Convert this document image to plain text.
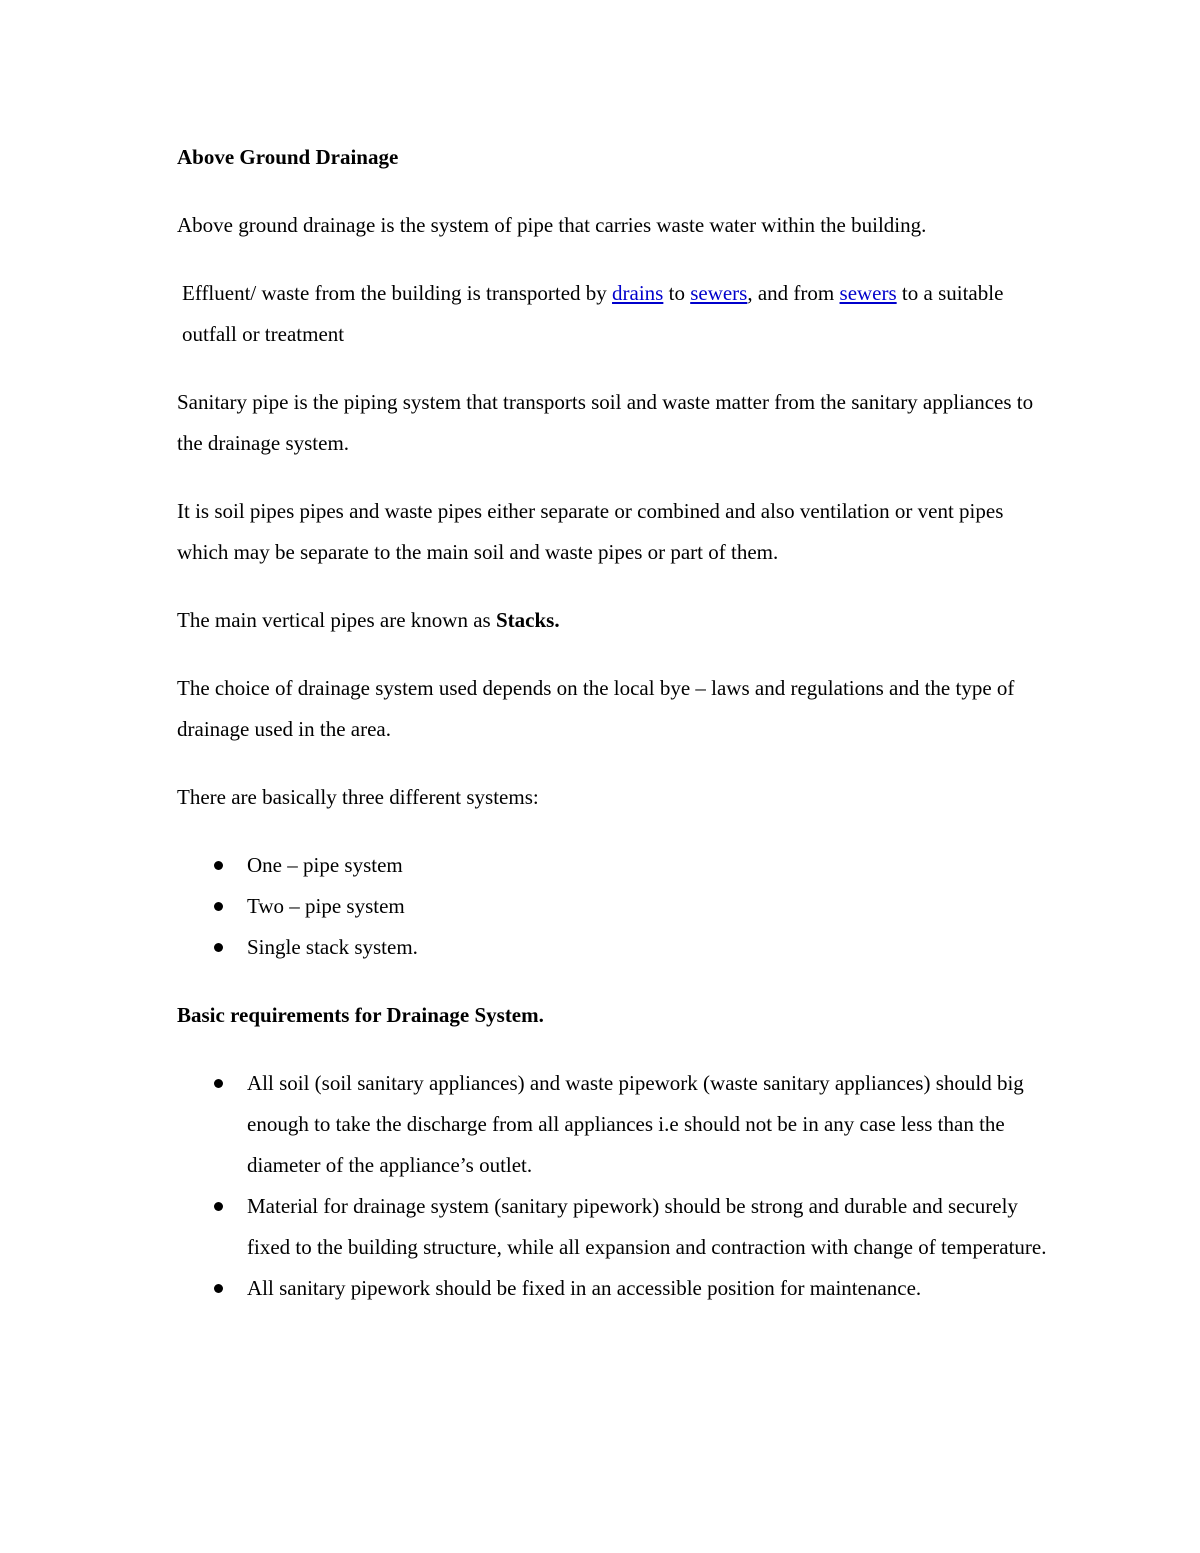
Above Ground Drainage

Above ground drainage is the system of pipe that carries waste water within the building.

Effluent/ waste from the building is transported by drains to sewers, and from sewers to a suitable outfall or treatment

Sanitary pipe is the piping system that transports soil and waste matter from the sanitary appliances to the drainage system.

It is soil pipes pipes and waste pipes either separate or combined and also ventilation or vent pipes which may be separate to the main soil and waste pipes or part of them.

The main vertical pipes are known as Stacks.

The choice of drainage system used depends on the local bye – laws and regulations and the type of drainage used in the area.

There are basically three different systems:

One – pipe system
Two – pipe system
Single stack system.
Basic requirements for Drainage System.
All soil (soil sanitary appliances) and waste pipework (waste sanitary appliances) should big enough to take the discharge from all appliances i.e should not be in any case less than the diameter of the appliance’s outlet.
Material for drainage system (sanitary pipework) should be strong and durable and securely fixed to the building structure, while all expansion and contraction with change of temperature.
All sanitary pipework should be fixed in an accessible position for maintenance.
